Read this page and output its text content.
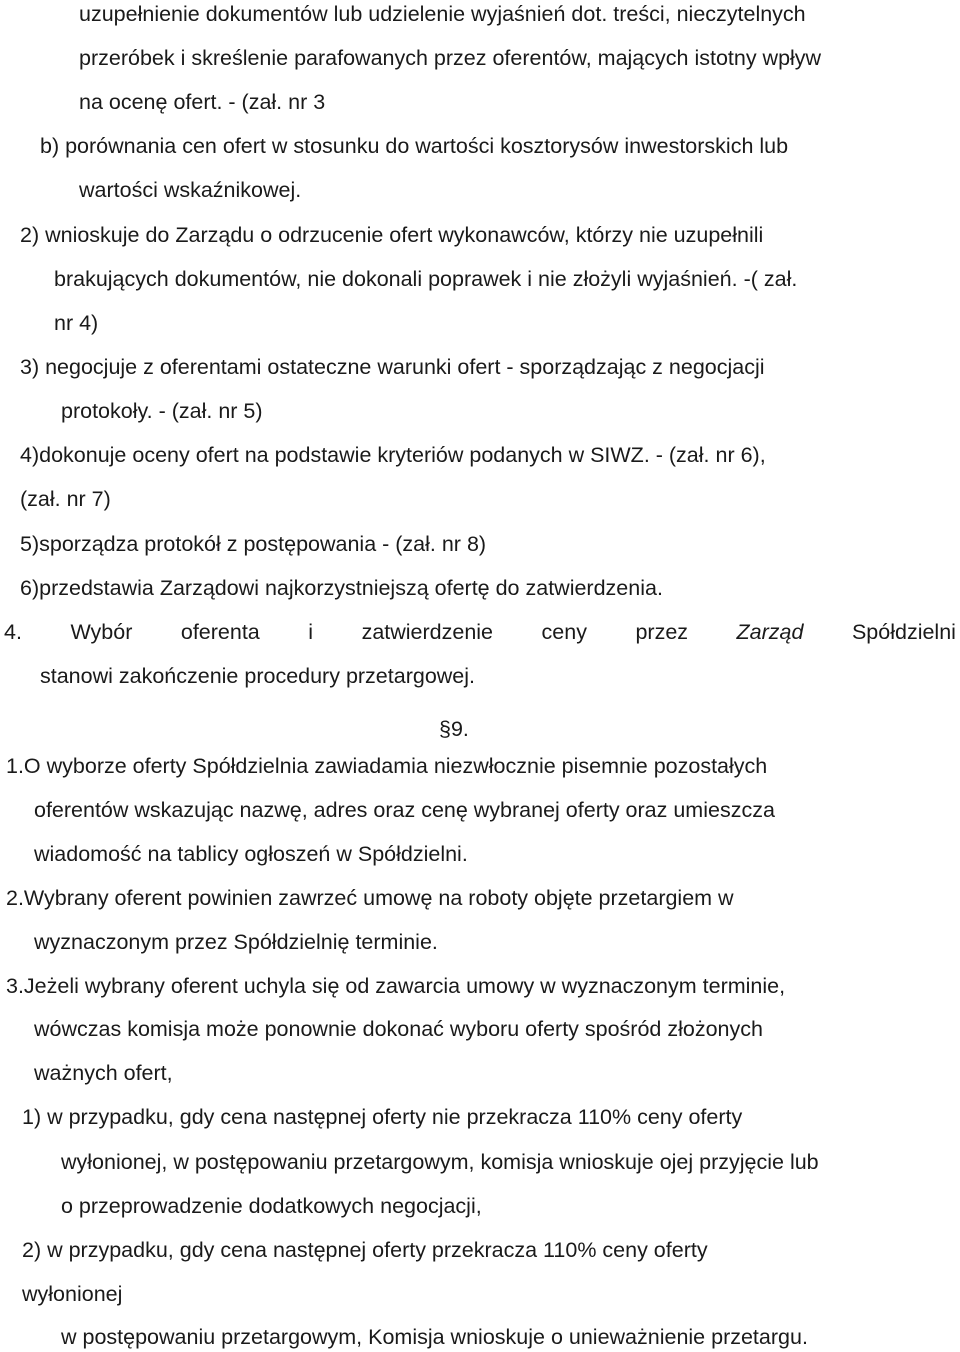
uzupełnienie dokumentów lub udzielenie wyjaśnień dot. treści, nieczytelnych
przeróbek i skreślenie parafowanych przez oferentów, mających istotny wpływ
na ocenę ofert. - (zał. nr 3
b) porównania cen ofert w stosunku do wartości kosztorysów inwestorskich lub
wartości wskaźnikowej.
2) wnioskuje do Zarządu o odrzucenie ofert wykonawców, którzy nie uzupełnili
brakujących dokumentów, nie dokonali poprawek i nie złożyli wyjaśnień. -( zał.
nr 4)
3) negocjuje z oferentami ostateczne warunki ofert - sporządzając z negocjacji
protokoły. - (zał. nr 5)
4)dokonuje oceny ofert na podstawie kryteriów podanych w SIWZ. - (zał. nr 6),
(zał. nr 7)
5)sporządza protokół z postępowania - (zał. nr 8)
6)przedstawia Zarządowi najkorzystniejszą ofertę do zatwierdzenia.
4. Wybór oferenta i zatwierdzenie ceny przez Zarząd Spółdzielni
stanowi zakończenie procedury przetargowej.
§9.
1.O wyborze oferty Spółdzielnia zawiadamia niezwłocznie pisemnie pozostałych
oferentów wskazując nazwę, adres oraz cenę wybranej oferty oraz umieszcza
wiadomość na tablicy ogłoszeń w Spółdzielni.
2.Wybrany oferent powinien zawrzeć umowę na roboty objęte przetargiem w
wyznaczonym przez Spółdzielnię terminie.
3.Jeżeli wybrany oferent uchyla się od zawarcia umowy w wyznaczonym terminie,
wówczas komisja może ponownie dokonać wyboru oferty spośród złożonych
ważnych ofert,
1) w przypadku, gdy cena następnej oferty nie przekracza 110% ceny oferty
wyłonionej, w postępowaniu przetargowym, komisja wnioskuje ojej przyjęcie lub
o przeprowadzenie dodatkowych negocjacji,
2) w przypadku, gdy cena następnej oferty przekracza 110% ceny oferty
wyłonionej
w postępowaniu przetargowym, Komisja wnioskuje o unieważnienie przetargu.
